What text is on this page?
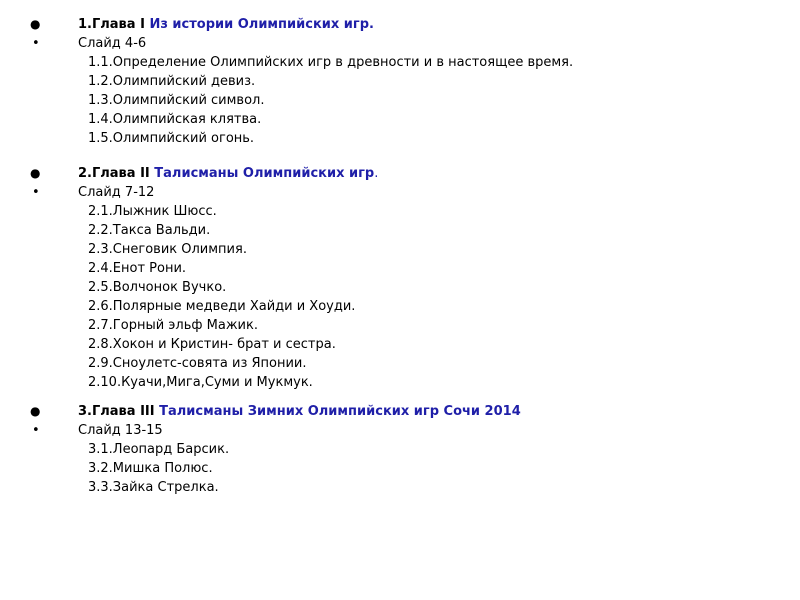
●	1.Глава I Из истории Олимпийских игр.
•	Слайд 4-6
1.1.Определение Олимпийских игр в древности и в настоящее время.
1.2.Олимпийский девиз.
1.3.Олимпийский символ.
1.4.Олимпийская клятва.
1.5.Олимпийский огонь.
●	2.Глава II Талисманы Олимпийских игр.
•	Слайд 7-12
2.1.Лыжник Шюсс.
2.2.Такса Вальди.
2.3.Снеговик Олимпия.
2.4.Енот Рони.
2.5.Волчонок Вучко.
2.6.Полярные медведи Хайди и Хоуди.
2.7.Горный эльф Мажик.
2.8.Хокон и Кристин- брат и сестра.
2.9.Сноулетс-совята из Японии.
2.10.Куачи,Мига,Суми и Мукмук.
●	3.Глава III Талисманы Зимних Олимпийских игр Сочи 2014
•	Слайд 13-15
3.1.Леопард Барсик.
3.2.Мишка Полюс.
3.3.Зайка Стрелка.
